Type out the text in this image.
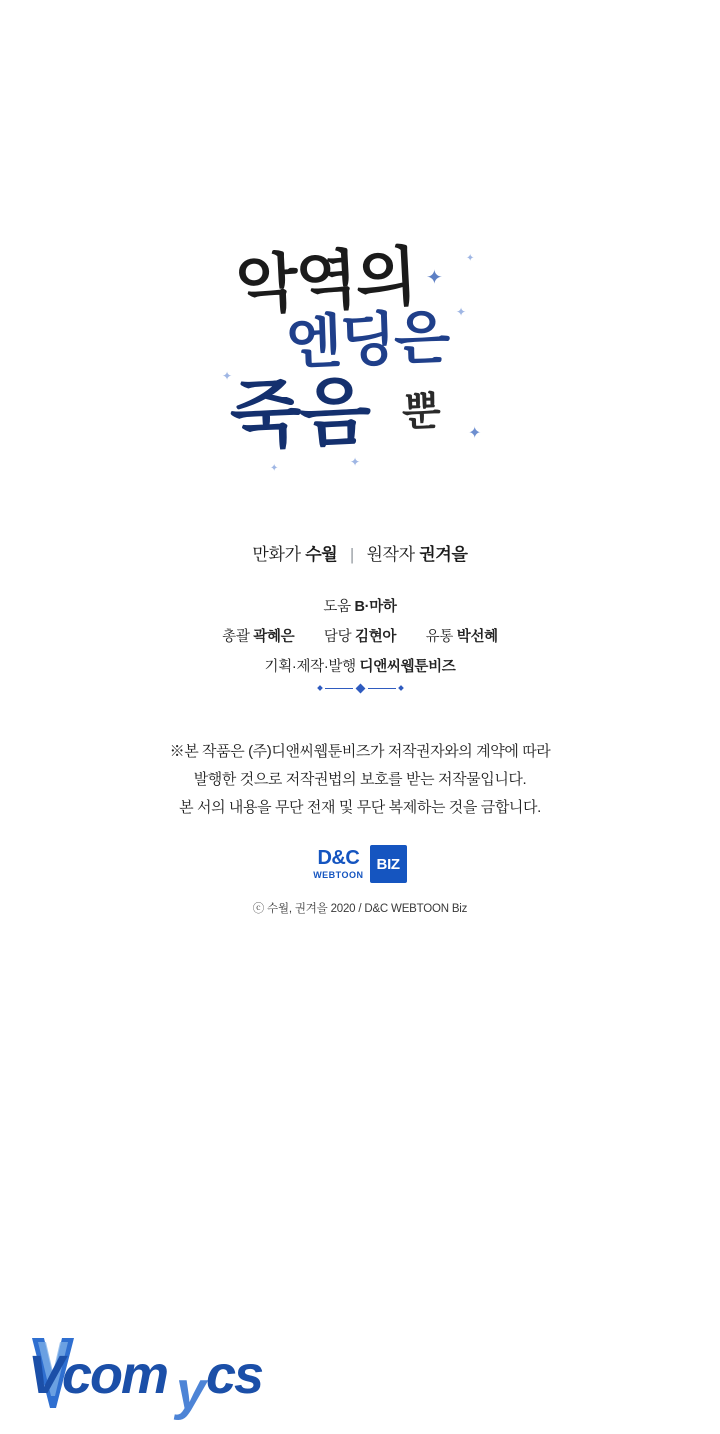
악역의
엔딩은
죽음 뿐
✦
✦
✦
✦
✦
✦
✦
만화가 수월 | 원작자 권겨을
도움 B·마하
총괄 곽혜은 담당 김현아 유통 박선혜
기획·제작·발행 디앤씨웹툰비즈
※본 작품은 (주)디앤씨웹툰비즈가 저작권자와의 계약에 따라
발행한 것으로 저작권법의 보호를 받는 저작물입니다.
본 서의 내용을 무단 전재 및 무단 복제하는 것을 금합니다.
D&C
WEBTOON
BIZ
ⓒ 수월, 권겨을 2020 / D&C WEBTOON Biz
Vcom y cs
